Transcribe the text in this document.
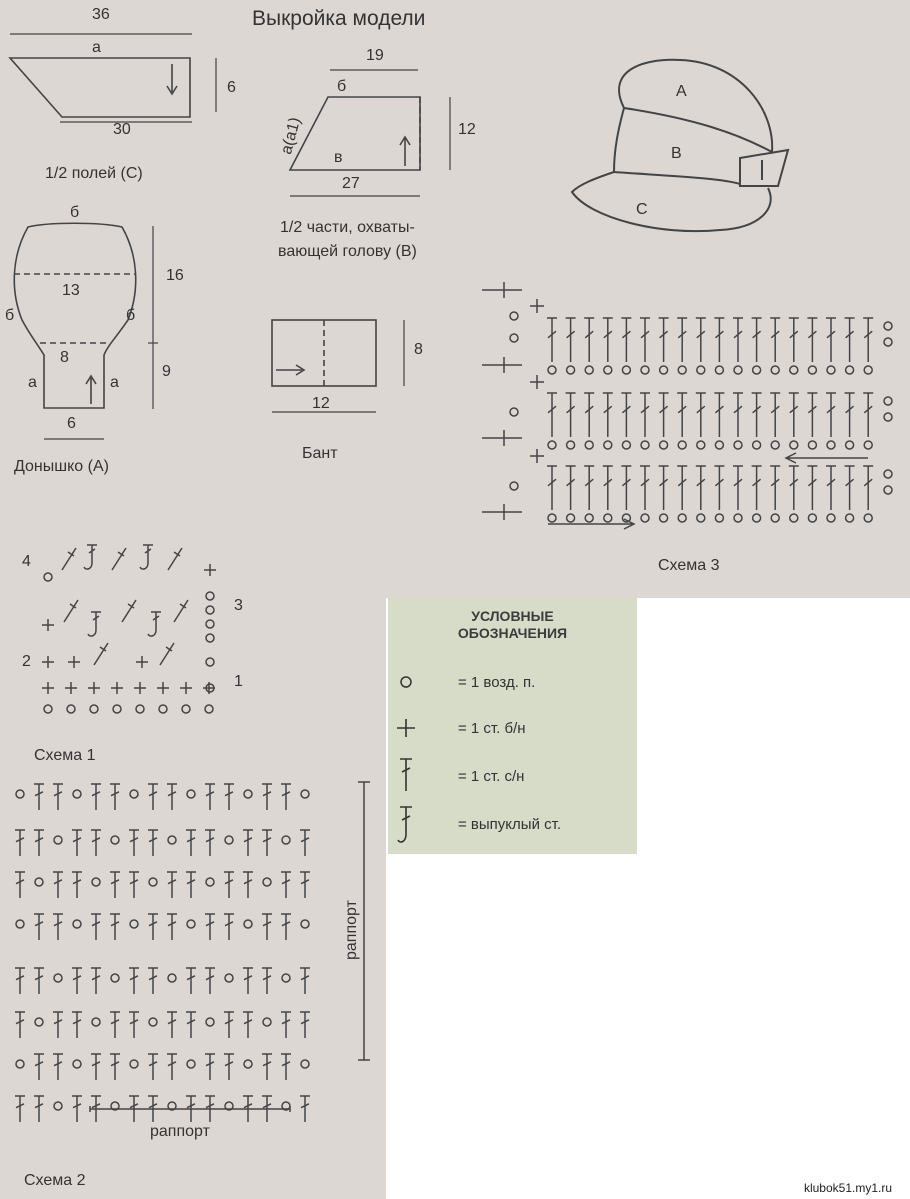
Выкройка модели
36
а
6
30
1/2 полей (С)
19
б
а(а1)
в
12
27
1/2 части, охваты-
вающей голову (В)
б
16
13
б	б
8
9
а	а
6
Донышко (А)
8
12
Бант
А
В
С
4
3
2
1
Схема 1
раппорт
раппорт
Схема 2
Схема 3
УСЛОВНЫЕ
ОБОЗНАЧЕНИЯ
= 1 возд. п.
= 1 ст. б/н
= 1 ст. с/н
= выпуклый ст.
klubok51.my1.ru
